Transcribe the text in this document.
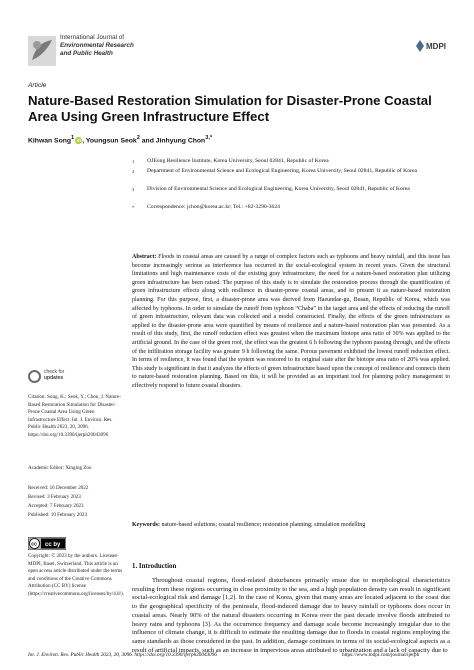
International Journal of
Environmental Research
and Public Health
MDPI
Article
Nature-Based Restoration Simulation for Disaster-Prone Coastal Area Using Green Infrastructure Effect
Kihwan Song$^1$ iD, Youngsun Seok$^2$ and Jinhyung Chon$^{3,*}$
1	OJEong Resilience Institute, Korea University, Seoul 02841, Republic of Korea
2	Department of Environmental Science and Ecological Engineering, Korea University, Seoul 02841, Republic of Korea
3	Division of Environmental Science and Ecological Engineering, Korea University, Seoul 02841, Republic of Korea
*	Correspondence: jchon@korea.ac.kr; Tel.: +82-3290-3624
Abstract: Floods in coastal areas are caused by a range of complex factors such as typhoons and heavy rainfall, and this issue has become increasingly serious as interference has occurred in the social-ecological system in recent years. Given the structural limitations and high maintenance costs of the existing gray infrastructure, the need for a nature-based restoration plan utilizing green infrastructure has been raised. The purpose of this study is to simulate the restoration process through the quantification of green infrastructure effects along with resilience in disaster-prone coastal areas, and to present it as nature-based restoration planning. For this purpose, first, a disaster-prone area was derived from Haeundae-gu, Busan, Republic of Korea, which was affected by typhoons. In order to simulate the runoff from typhoon “Chaba” in the target area and the effects of reducing the runoff of green infrastructure, relevant data was collected and a model constructed. Finally, the effects of the green infrastructure as applied to the disaster-prone area were quantified by means of resilience and a nature-based restoration plan was presented. As a result of this study, first, the runoff reduction effect was greatest when the maximum biotope area ratio of 30% was applied to the artificial ground. In the case of the green roof, the effect was the greatest 6 h following the typhoon passing through, and the effects of the infiltration storage facility was greater 9 h following the same. Porous pavement exhibited the lowest runoff reduction effect. In terms of resilience, it was found that the system was restored to its original state after the biotope area ratio of 20% was applied. This study is significant in that it analyzes the effects of green infrastructure based upon the concept of resilience and connects them to nature-based restoration planning. Based on this, it will be provided as an important tool for planning policy management to effectively respond to future coastal disasters.
Keywords: nature-based solutions; coastal resilience; restoration planning; simulation modelling
1. Introduction
Throughout coastal regions, flood-related disturbances primarily ensue due to morphological characteristics resulting from these regions occurring in close proximity to the sea, and a high population density can result in significant social-ecological risk and damage [1,2]. In the case of Korea, given that many areas are located adjacent to the coast due to the geographical specificity of the peninsula, flood-induced damage due to heavy rainfall or typhoons does occur in coastal areas. Nearly 90% of the natural disasters occurring in Korea over the past decade involve floods attributed to heavy rains and typhoons [3]. As the occurrence frequency and damage scale become increasingly irregular due to the influence of climate change, it is difficult to estimate the resulting damage due to floods in coastal regions employing the same standards as those considered in the past. In addition, damage continues in terms of its social-ecological aspects as a result of artificial impacts, such as an increase in impervious areas attributed to urbanization and a lack of capacity due to
check for
updates
Citation: Song, K.; Seok, Y.; Chon, J. Nature-Based Restoration Simulation for Disaster-Prone Coastal Area Using Green Infrastructure Effect. Int. J. Environ. Res. Public Health 2023, 20, 3096. https://doi.org/10.3390/ijerph20043096
Academic Editor: Xinging Zou
Received: 16 December 2022
Revised: 3 February 2023
Accepted: 7 February 2023
Published: 10 February 2023
cc cc by
Copyright: © 2023 by the authors. Licensee MDPI, Basel, Switzerland. This article is an open access article distributed under the terms and conditions of the Creative Commons Attribution (CC BY) license (https://creativecommons.org/licenses/by/4.0/).
Int. J. Environ. Res. Public Health 2023, 20, 3096. https://doi.org/10.3390/ijerph20043096	https://www.mdpi.com/journal/ijerph
